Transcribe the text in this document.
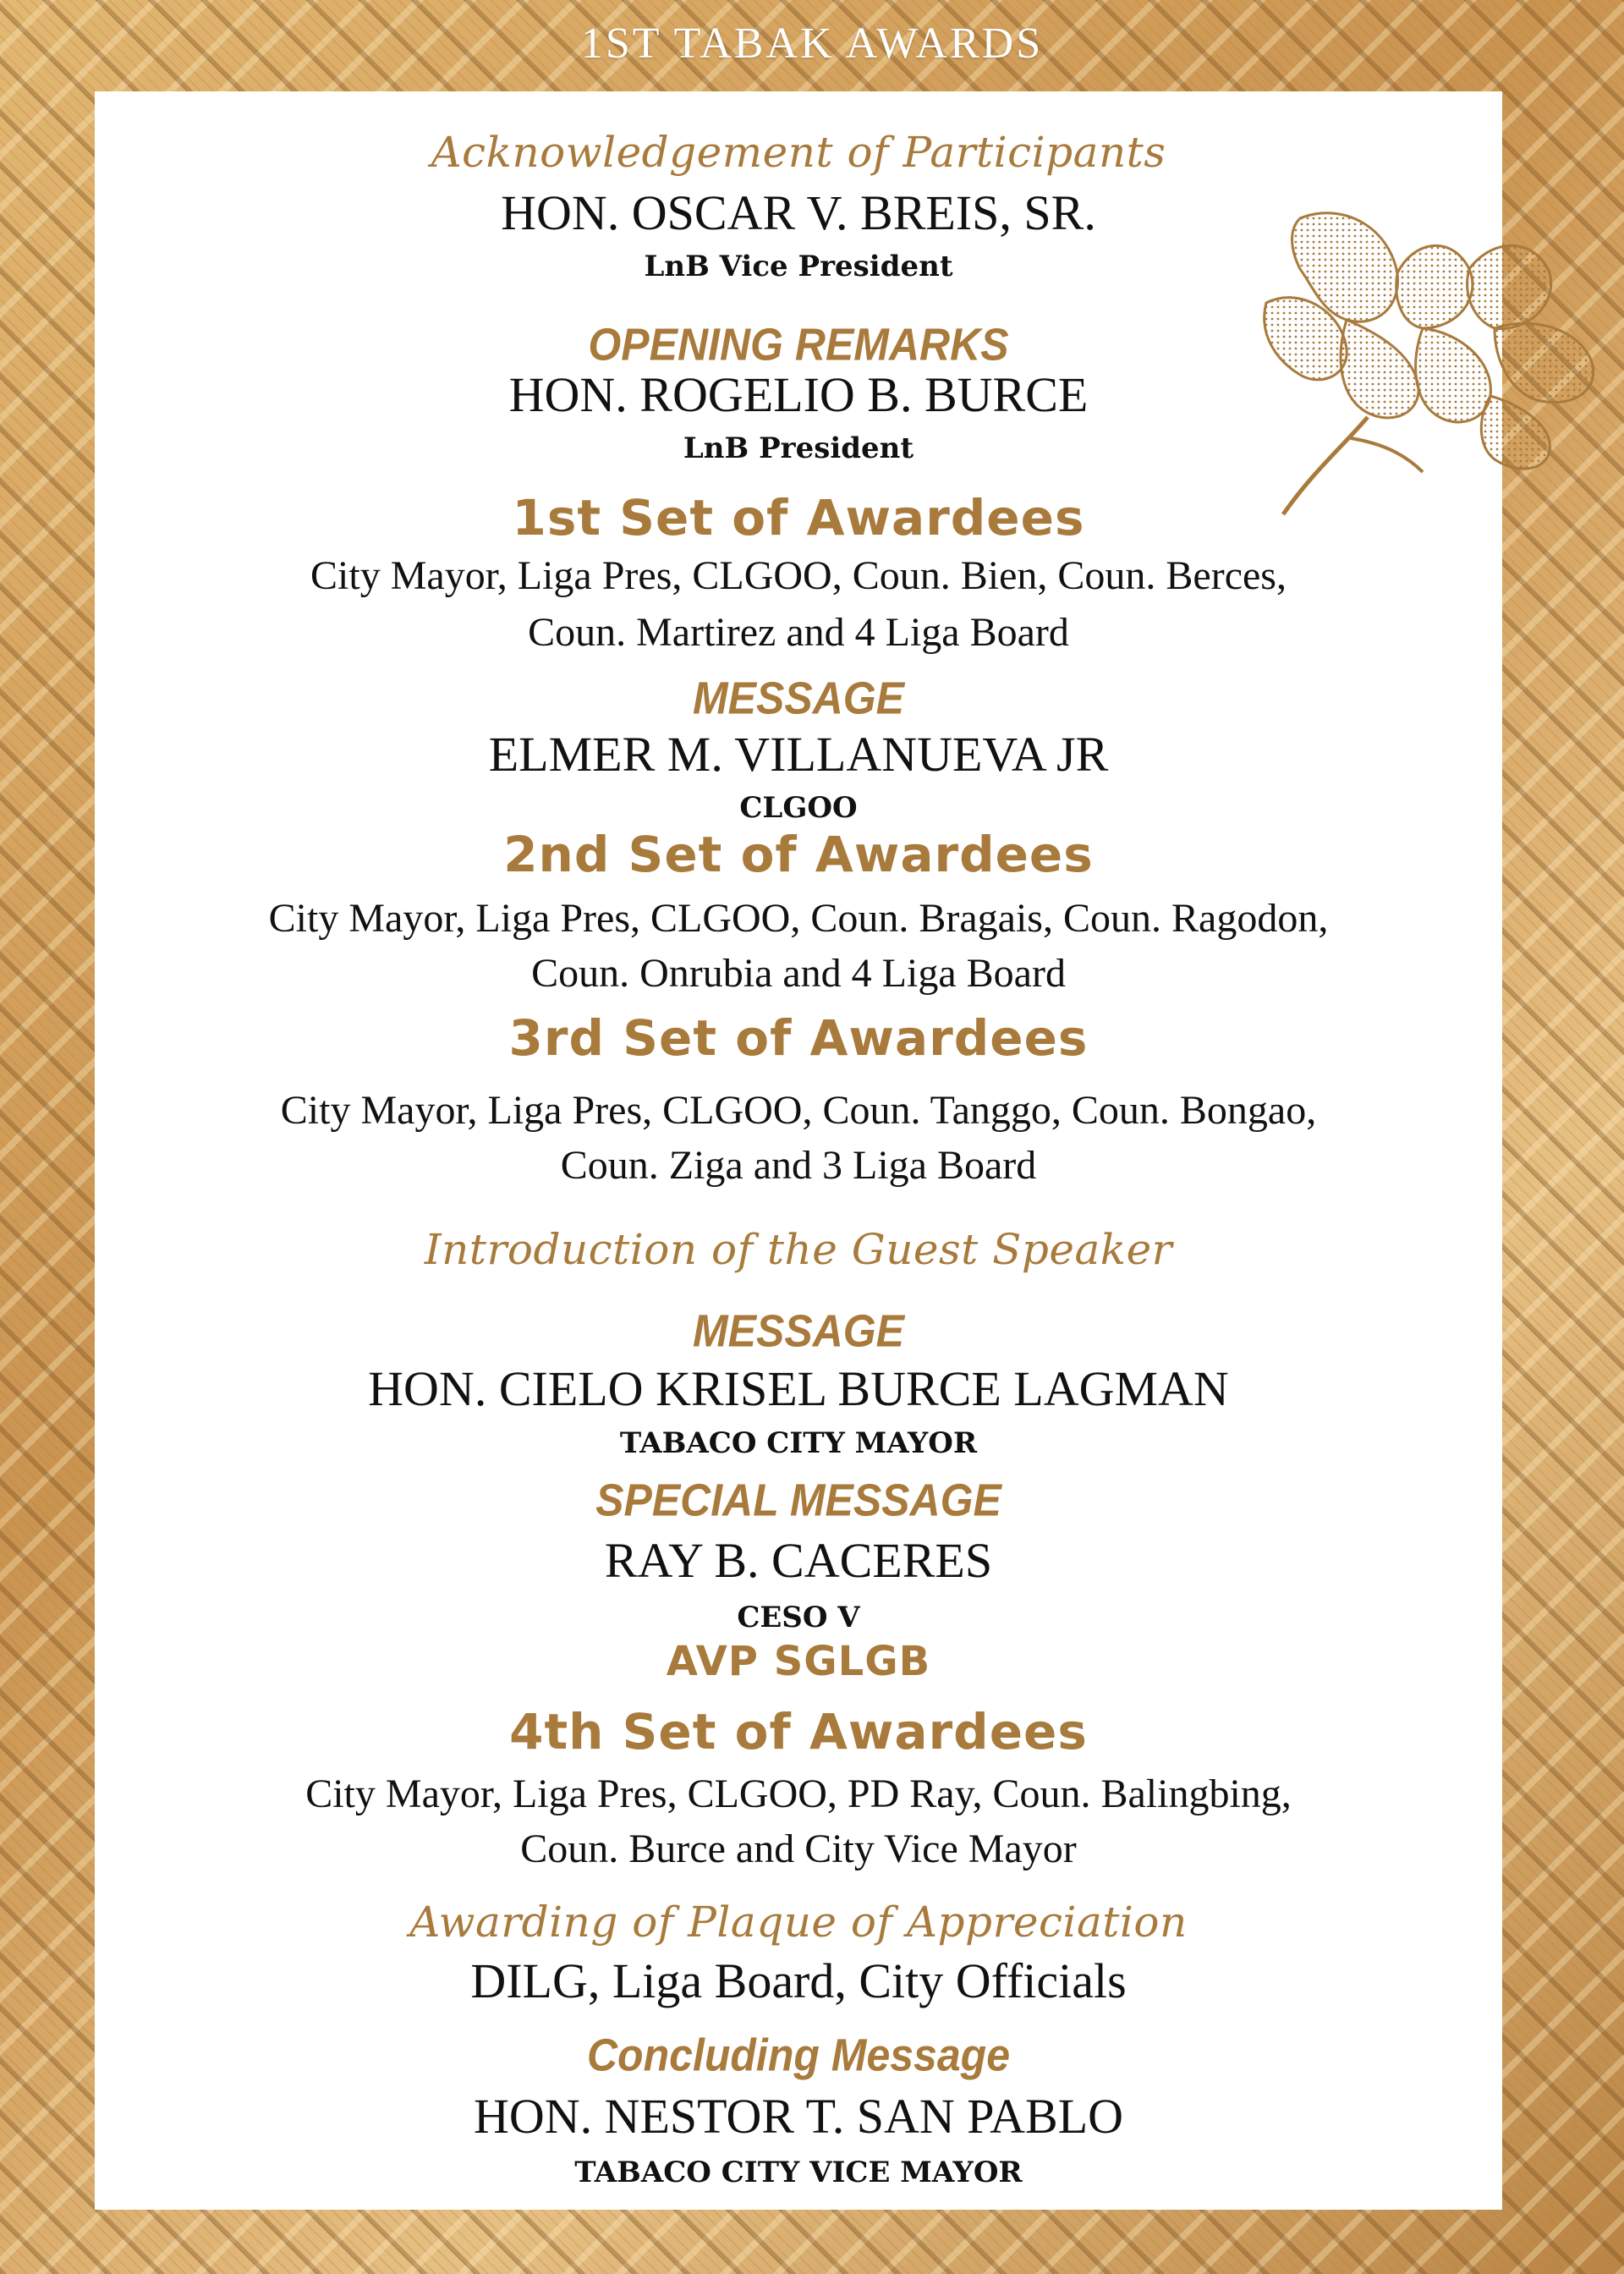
1ST TABAK AWARDS
Acknowledgement of Participants
HON. OSCAR V. BREIS, SR.
LnB Vice President
OPENING REMARKS
HON. ROGELIO B. BURCE
LnB President
1st Set of Awardees
City Mayor, Liga Pres, CLGOO, Coun. Bien, Coun. Berces,
Coun. Martirez and 4 Liga Board
MESSAGE
ELMER M. VILLANUEVA JR
CLGOO
2nd Set of Awardees
City Mayor, Liga Pres, CLGOO, Coun. Bragais, Coun. Ragodon,
Coun. Onrubia and 4 Liga Board
3rd Set of Awardees
City Mayor, Liga Pres, CLGOO, Coun. Tanggo, Coun. Bongao,
Coun. Ziga and 3 Liga Board
Introduction of the Guest Speaker
MESSAGE
HON. CIELO KRISEL BURCE LAGMAN
TABACO CITY MAYOR
SPECIAL MESSAGE
RAY B. CACERES
CESO V
AVP SGLGB
4th Set of Awardees
City Mayor, Liga Pres, CLGOO, PD Ray, Coun. Balingbing,
Coun. Burce and City Vice Mayor
Awarding of Plaque of Appreciation
DILG, Liga Board, City Officials
Concluding Message
HON. NESTOR T. SAN PABLO
TABACO CITY VICE MAYOR
